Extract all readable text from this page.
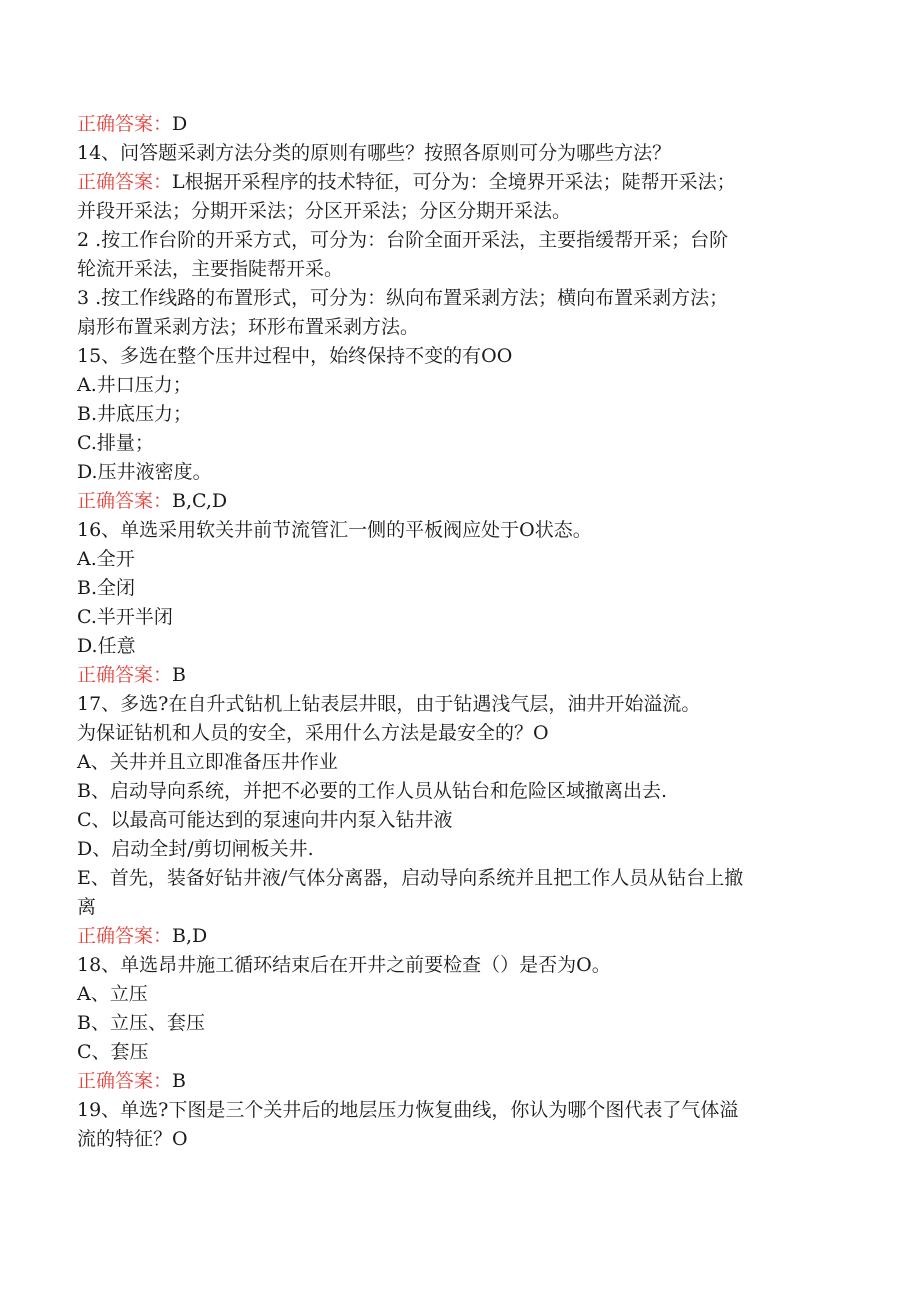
正确答案：D
14、问答题采剥方法分类的原则有哪些？按照各原则可分为哪些方法？
正确答案：L根据开采程序的技术特征，可分为：全境界开采法；陡帮开采法；
并段开采法；分期开采法；分区开采法；分区分期开采法。
2 .按工作台阶的开采方式，可分为：台阶全面开采法，主要指缓帮开采；台阶
轮流开采法，主要指陡帮开采。
3 .按工作线路的布置形式，可分为：纵向布置采剥方法；横向布置采剥方法；
扇形布置采剥方法；环形布置采剥方法。
15、多选在整个压井过程中，始终保持不变的有OO
A.井口压力；
B.井底压力；
C.排量；
D.压井液密度。
正确答案：B,C,D
16、单选采用软关井前节流管汇一侧的平板阀应处于O状态。
A.全开
B.全闭
C.半开半闭
D.任意
正确答案：B
17、多选?在自升式钻机上钻表层井眼，由于钻遇浅气层，油井开始溢流。
为保证钻机和人员的安全，采用什么方法是最安全的？O
A、关井并且立即准备压井作业
B、启动导向系统，并把不必要的工作人员从钻台和危险区域撤离出去.
C、以最高可能达到的泵速向井内泵入钻井液
D、启动全封/剪切闸板关井.
E、首先，装备好钻井液/气体分离器，启动导向系统并且把工作人员从钻台上撤
离
正确答案：B,D
18、单选昂井施工循环结束后在开井之前要检查（）是否为O。
A、立压
B、立压、套压
C、套压
正确答案：B
19、单选?下图是三个关井后的地层压力恢复曲线，你认为哪个图代表了气体溢
流的特征？O
